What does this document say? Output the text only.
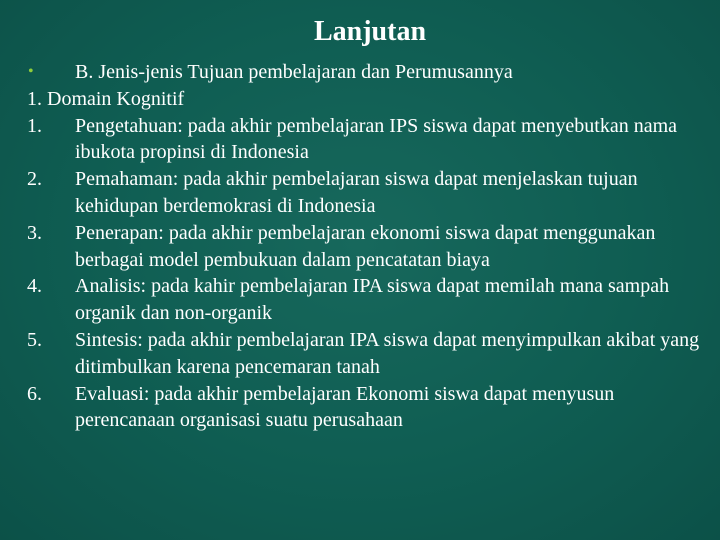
Lanjutan
• B. Jenis-jenis Tujuan pembelajaran dan Perumusannya
1. Domain Kognitif
1. Pengetahuan: pada akhir pembelajaran IPS siswa dapat menyebutkan nama ibukota propinsi di Indonesia
2. Pemahaman: pada akhir pembelajaran siswa dapat menjelaskan tujuan kehidupan berdemokrasi di Indonesia
3. Penerapan: pada akhir pembelajaran ekonomi siswa dapat menggunakan berbagai model pembukuan dalam pencatatan biaya
4. Analisis: pada kahir pembelajaran IPA siswa dapat memilah mana sampah organik dan non-organik
5. Sintesis: pada akhir pembelajaran IPA siswa dapat menyimpulkan akibat yang ditimbulkan karena pencemaran tanah
6. Evaluasi: pada akhir pembelajaran Ekonomi siswa dapat menyusun perencanaan organisasi suatu perusahaan
